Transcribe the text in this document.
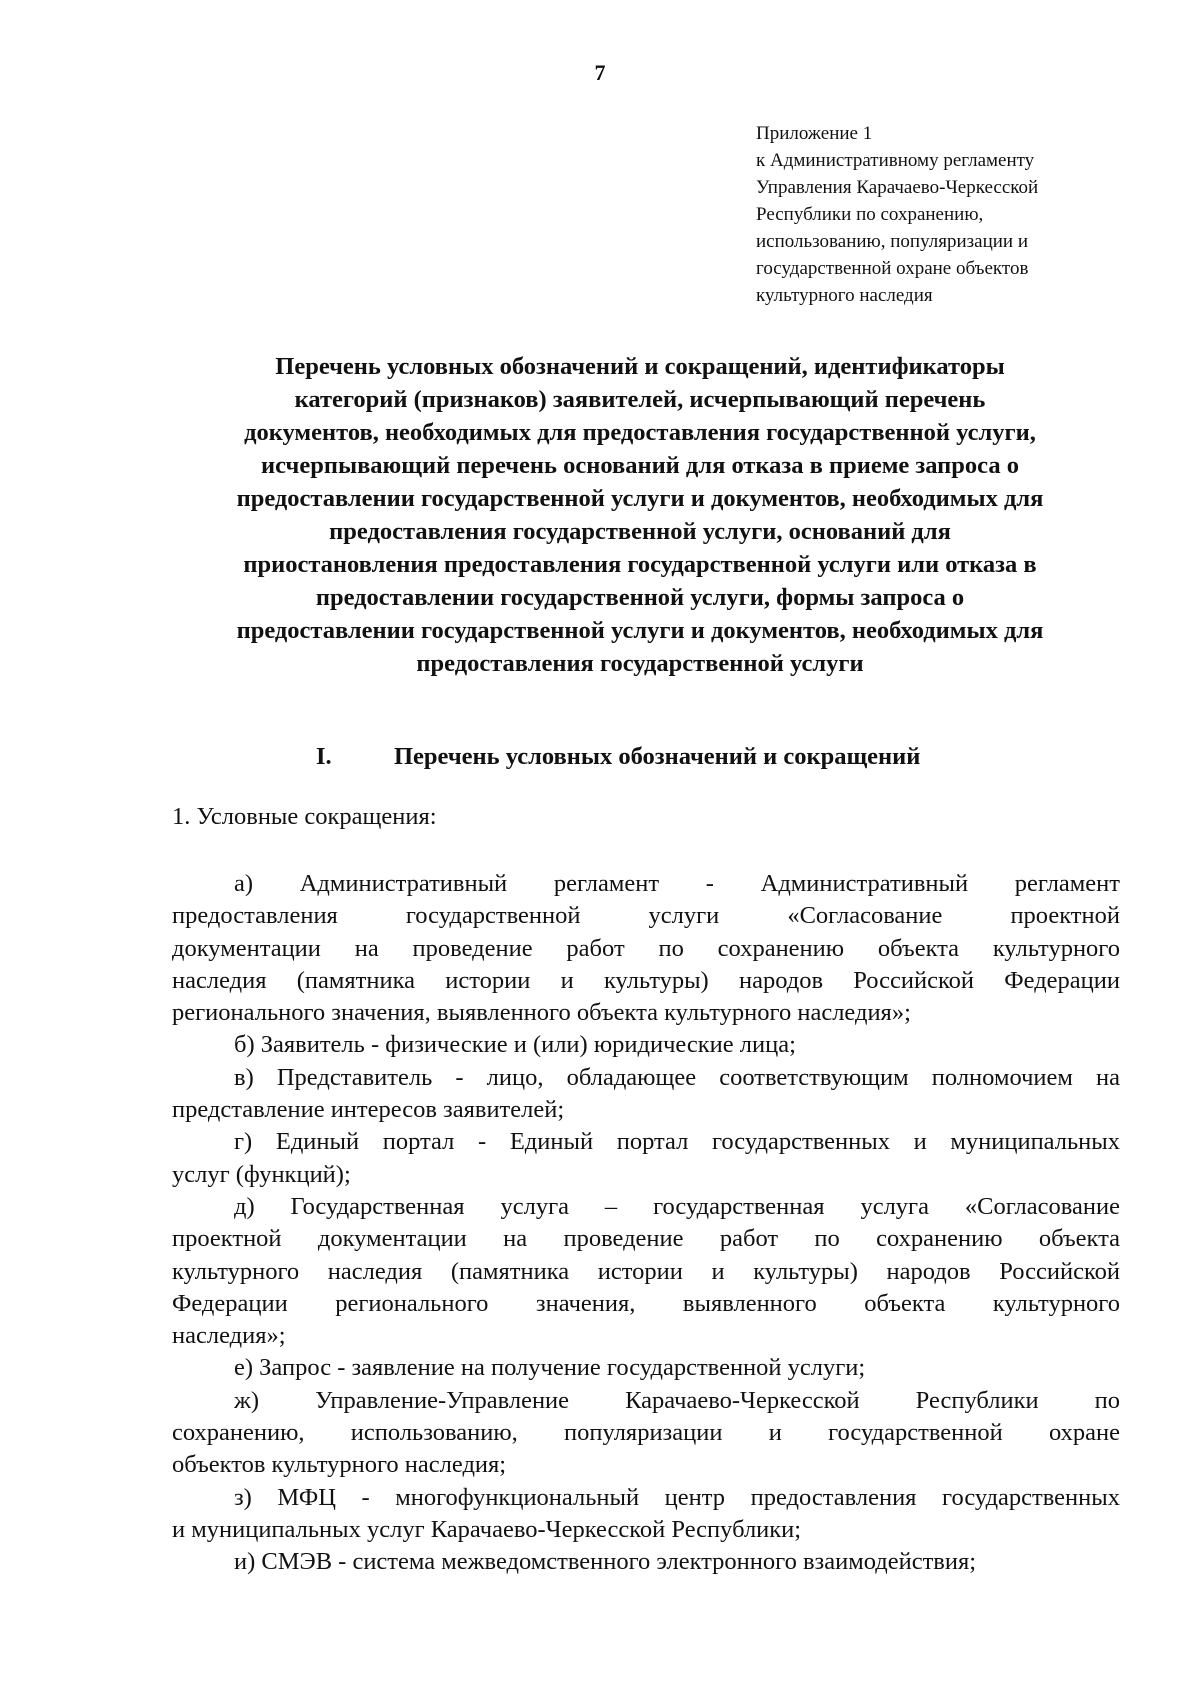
7
Приложение 1
к Административному регламенту
Управления Карачаево-Черкесской
Республики по сохранению,
использованию, популяризации и
государственной охране объектов
культурного наследия
Перечень условных обозначений и сокращений, идентификаторы
категорий (признаков) заявителей, исчерпывающий перечень
документов, необходимых для предоставления государственной услуги,
исчерпывающий перечень оснований для отказа в приеме запроса о
предоставлении государственной услуги и документов, необходимых для
предоставления государственной услуги, оснований для
приостановления предоставления государственной услуги или отказа в
предоставлении государственной услуги, формы запроса о
предоставлении государственной услуги и документов, необходимых для
предоставления государственной услуги
I.	Перечень условных обозначений и сокращений
1. Условные сокращения:
а) Административный регламент - Административный регламент
предоставления государственной услуги «Согласование проектной
документации на проведение работ по сохранению объекта культурного
наследия (памятника истории и культуры) народов Российской Федерации
регионального значения, выявленного объекта культурного наследия»;
б) Заявитель - физические и (или) юридические лица;
в) Представитель - лицо, обладающее соответствующим полномочием на
представление интересов заявителей;
г) Единый портал - Единый портал государственных и муниципальных
услуг (функций);
д) Государственная услуга – государственная услуга «Согласование
проектной документации на проведение работ по сохранению объекта
культурного наследия (памятника истории и культуры) народов Российской
Федерации регионального значения, выявленного объекта культурного
наследия»;
е) Запрос - заявление на получение государственной услуги;
ж) Управление-Управление Карачаево-Черкесской Республики по
сохранению, использованию, популяризации и государственной охране
объектов культурного наследия;
з) МФЦ - многофункциональный центр предоставления государственных
и муниципальных услуг Карачаево-Черкесской Республики;
и) СМЭВ - система межведомственного электронного взаимодействия;
